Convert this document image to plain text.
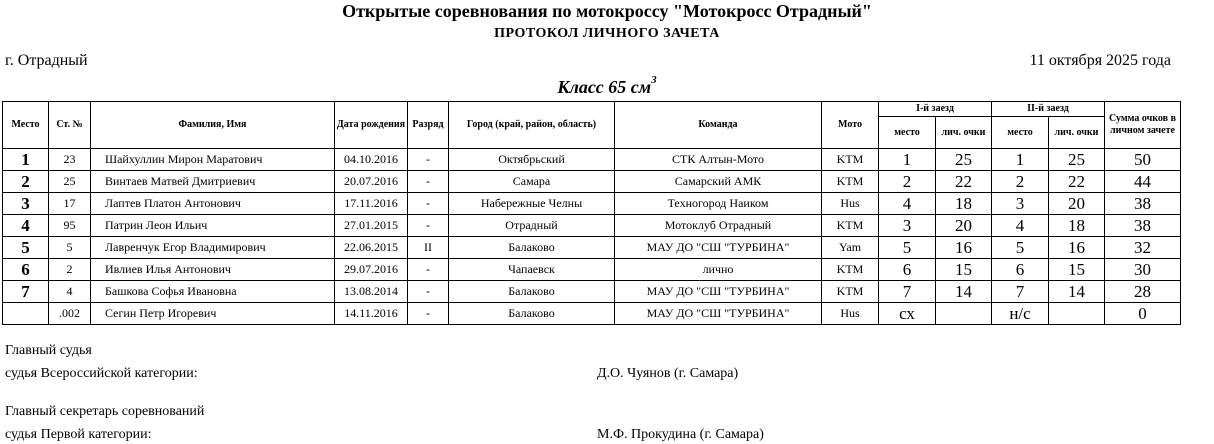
Открытые соревнования по мотокроссу "Мотокросс Отрадный"
ПРОТОКОЛ ЛИЧНОГО ЗАЧЕТА
г. Отрадный	11 октября 2025 года
Класс 65 $см^3$
Место	Ст. №	Фамилия, Имя	Дата рождения	Разряд	Город (край, район, область)	Команда	Мото	I-й заезд		II-й заезд		Сумма очков в личном зачете
								место	лич. очки	место	лич. очки	
1	23	Шайхуллин Мирон Маратович	04.10.2016	-	Октябрьский	СТК Алтын-Мото	KTM	1	25	1	25	50
2	25	Винтаев Матвей Дмитриевич	20.07.2016	-	Самара	Самарский АМК	KTM	2	22	2	22	44
3	17	Лаптев Платон Антонович	17.11.2016	-	Набережные Челны	Техногород Наиком	Hus	4	18	3	20	38
4	95	Патрин Леон Ильич	27.01.2015	-	Отрадный	Мотоклуб Отрадный	KTM	3	20	4	18	38
5	5	Лавренчук Егор Владимирович	22.06.2015	II	Балаково	МАУ ДО "СШ "ТУРБИНА"	Yam	5	16	5	16	32
6	2	Ивлиев Илья Антонович	29.07.2016	-	Чапаевск	лично	KTM	6	15	6	15	30
7	4	Башкова Софья Ивановна	13.08.2014	-	Балаково	МАУ ДО "СШ "ТУРБИНА"	KTM	7	14	7	14	28
	.002	Сегин Петр Игоревич	14.11.2016	-	Балаково	МАУ ДО "СШ "ТУРБИНА"	Hus	сх		н/с		0
Главный судья
судья Всероссийской категории:	Д.О. Чуянов (г. Самара)
Главный секретарь соревнований
судья Первой категории:	М.Ф. Прокудина (г. Самара)
